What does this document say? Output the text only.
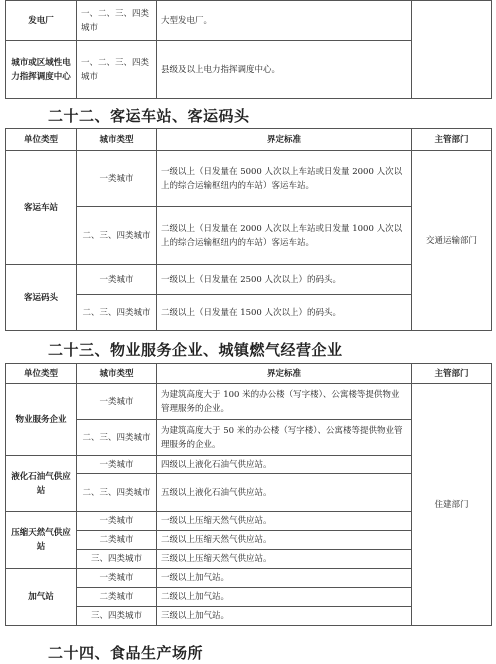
发电厂	一、二、三、四类城市	大型发电厂。	
城市或区域性电力指挥调度中心	一、二、三、四类城市	县级及以上电力指挥调度中心。	
二十二、客运车站、客运码头
单位类型	城市类型	界定标准	主管部门
客运车站	一类城市	一级以上（日发量在 5000 人次以上车站或日发量 2000 人次以上的综合运输枢纽内的车站）客运车站。	交通运输部门
	二、三、四类城市	二级以上（日发量在 2000 人次以上车站或日发量 1000 人次以上的综合运输枢纽内的车站）客运车站。	
客运码头	一类城市	一级以上（日发量在 2500 人次以上）的码头。	
	二、三、四类城市	二级以上（日发量在 1500 人次以上）的码头。	
二十三、物业服务企业、城镇燃气经营企业
单位类型	城市类型	界定标准	主管部门
物业服务企业	一类城市	为建筑高度大于 100 米的办公楼（写字楼）、公寓楼等提供物业管理服务的企业。	住建部门
	二、三、四类城市	为建筑高度大于 50 米的办公楼（写字楼）、公寓楼等提供物业管理服务的企业。	
液化石油气供应站	一类城市	四级以上液化石油气供应站。	
	二、三、四类城市	五级以上液化石油气供应站。	
压缩天然气供应站	一类城市	一级以上压缩天然气供应站。	
	二类城市	二级以上压缩天然气供应站。	
	三、四类城市	三级以上压缩天然气供应站。	
加气站	一类城市	一级以上加气站。	
	二类城市	二级以上加气站。	
	三、四类城市	三级以上加气站。	
二十四、食品生产场所
